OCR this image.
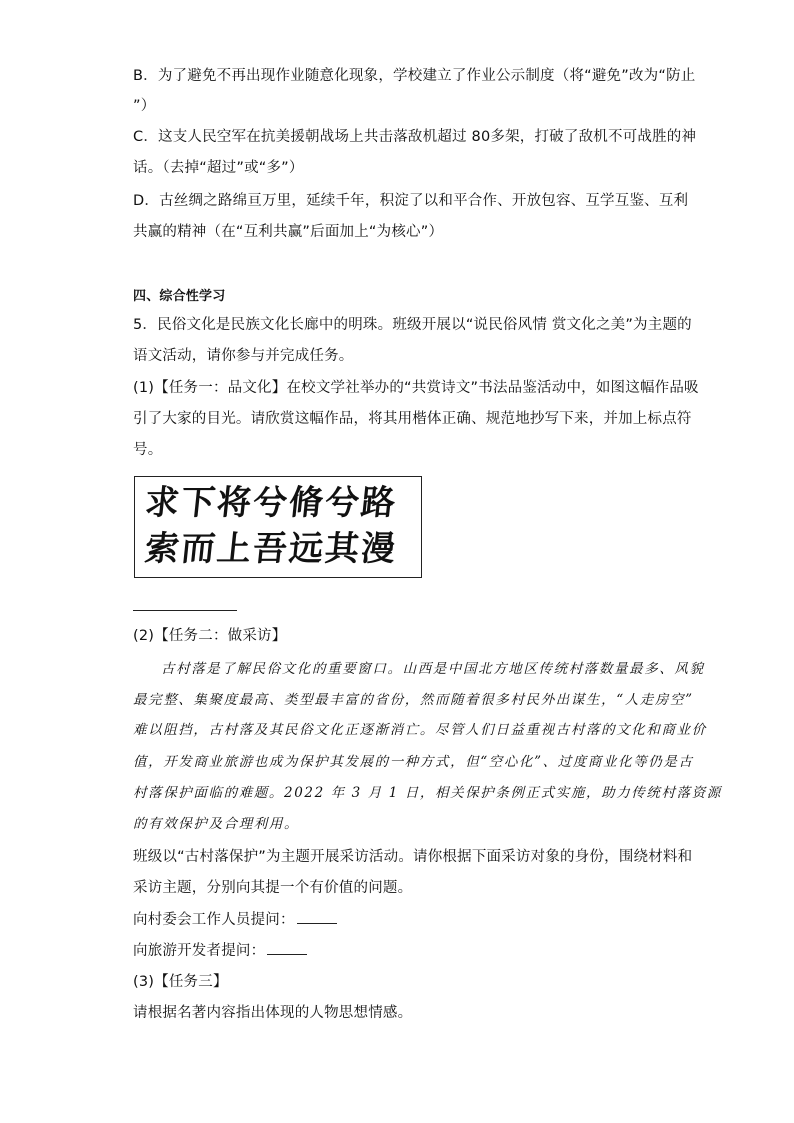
B．为了避免不再出现作业随意化现象，学校建立了作业公示制度（将“避免”改为“防止
”）
C．这支人民空军在抗美援朝战场上共击落敌机超过 80多架，打破了敌机不可战胜的神
话。（去掉“超过”或“多”）
D．古丝绸之路绵亘万里，延续千年，积淀了以和平合作、开放包容、互学互鉴、互利
共赢的精神（在“互利共赢”后面加上“为核心”）
四、综合性学习
5．民俗文化是民族文化长廊中的明珠。班级开展以“说民俗风情 赏文化之美”为主题的
语文活动，请你参与并完成任务。
(1)【任务一：品文化】在校文学社举办的“共赏诗文”书法品鉴活动中，如图这幅作品吸
引了大家的目光。请欣赏这幅作品，将其用楷体正确、规范地抄写下来，并加上标点符
号。
求下将兮脩兮路
索而上吾远其漫
(2)【任务二：做采访】
古村落是了解民俗文化的重要窗口。山西是中国北方地区传统村落数量最多、风貌
最完整、集聚度最高、类型最丰富的省份，然而随着很多村民外出谋生，“人走房空”
难以阻挡，古村落及其民俗文化正逐渐消亡。尽管人们日益重视古村落的文化和商业价
值，开发商业旅游也成为保护其发展的一种方式，但“空心化”、过度商业化等仍是古
村落保护面临的难题。2022 年 3 月 1 日，相关保护条例正式实施，助力传统村落资源
的有效保护及合理利用。
班级以“古村落保护”为主题开展采访活动。请你根据下面采访对象的身份，围绕材料和
采访主题，分别向其提一个有价值的问题。
向村委会工作人员提问：
向旅游开发者提问：
(3)【任务三】
请根据名著内容指出体现的人物思想情感。
